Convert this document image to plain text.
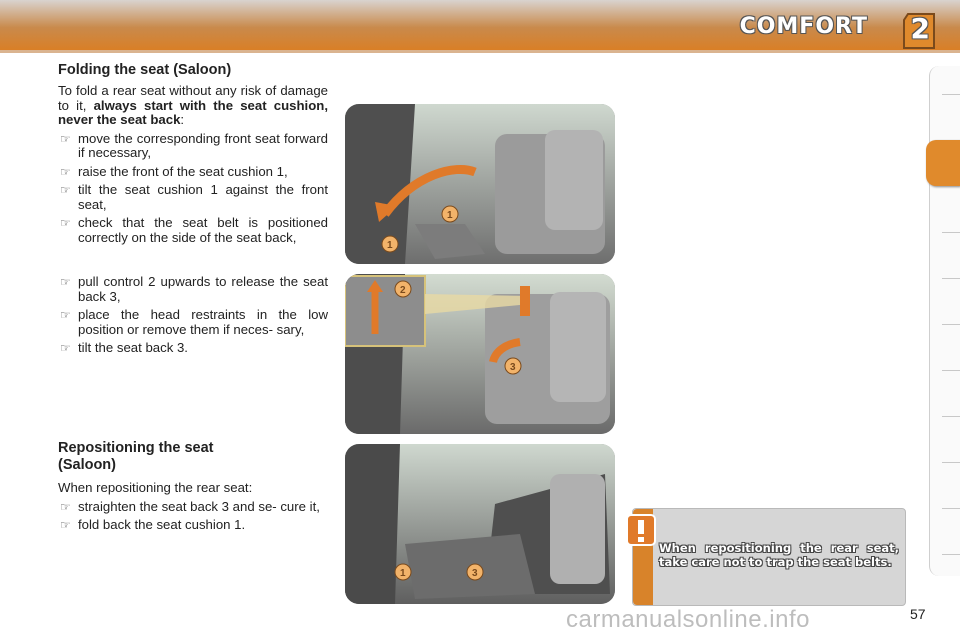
COMFORT 2
Folding the seat (Saloon)

To fold a rear seat without any risk of damage to it, always start with the seat cushion, never the seat back:

☞ move the corresponding front seat forward if necessary,
☞ raise the front of the seat cushion 1,
☞ tilt the seat cushion 1 against the front seat,
☞ check that the seat belt is positioned correctly on the side of the seat back,
☞ pull control 2 upwards to release the seat back 3,
☞ place the head restraints in the low position or remove them if neces- sary,
☞ tilt the seat back 3.
Repositioning the seat (Saloon)

When repositioning the rear seat:

☞ straighten the seat back 3 and se- cure it,
☞ fold back the seat cushion 1.
1
1
2
3
1	3
When repositioning the rear seat, take care not to trap the seat belts.
carmanualsonline.info	57
